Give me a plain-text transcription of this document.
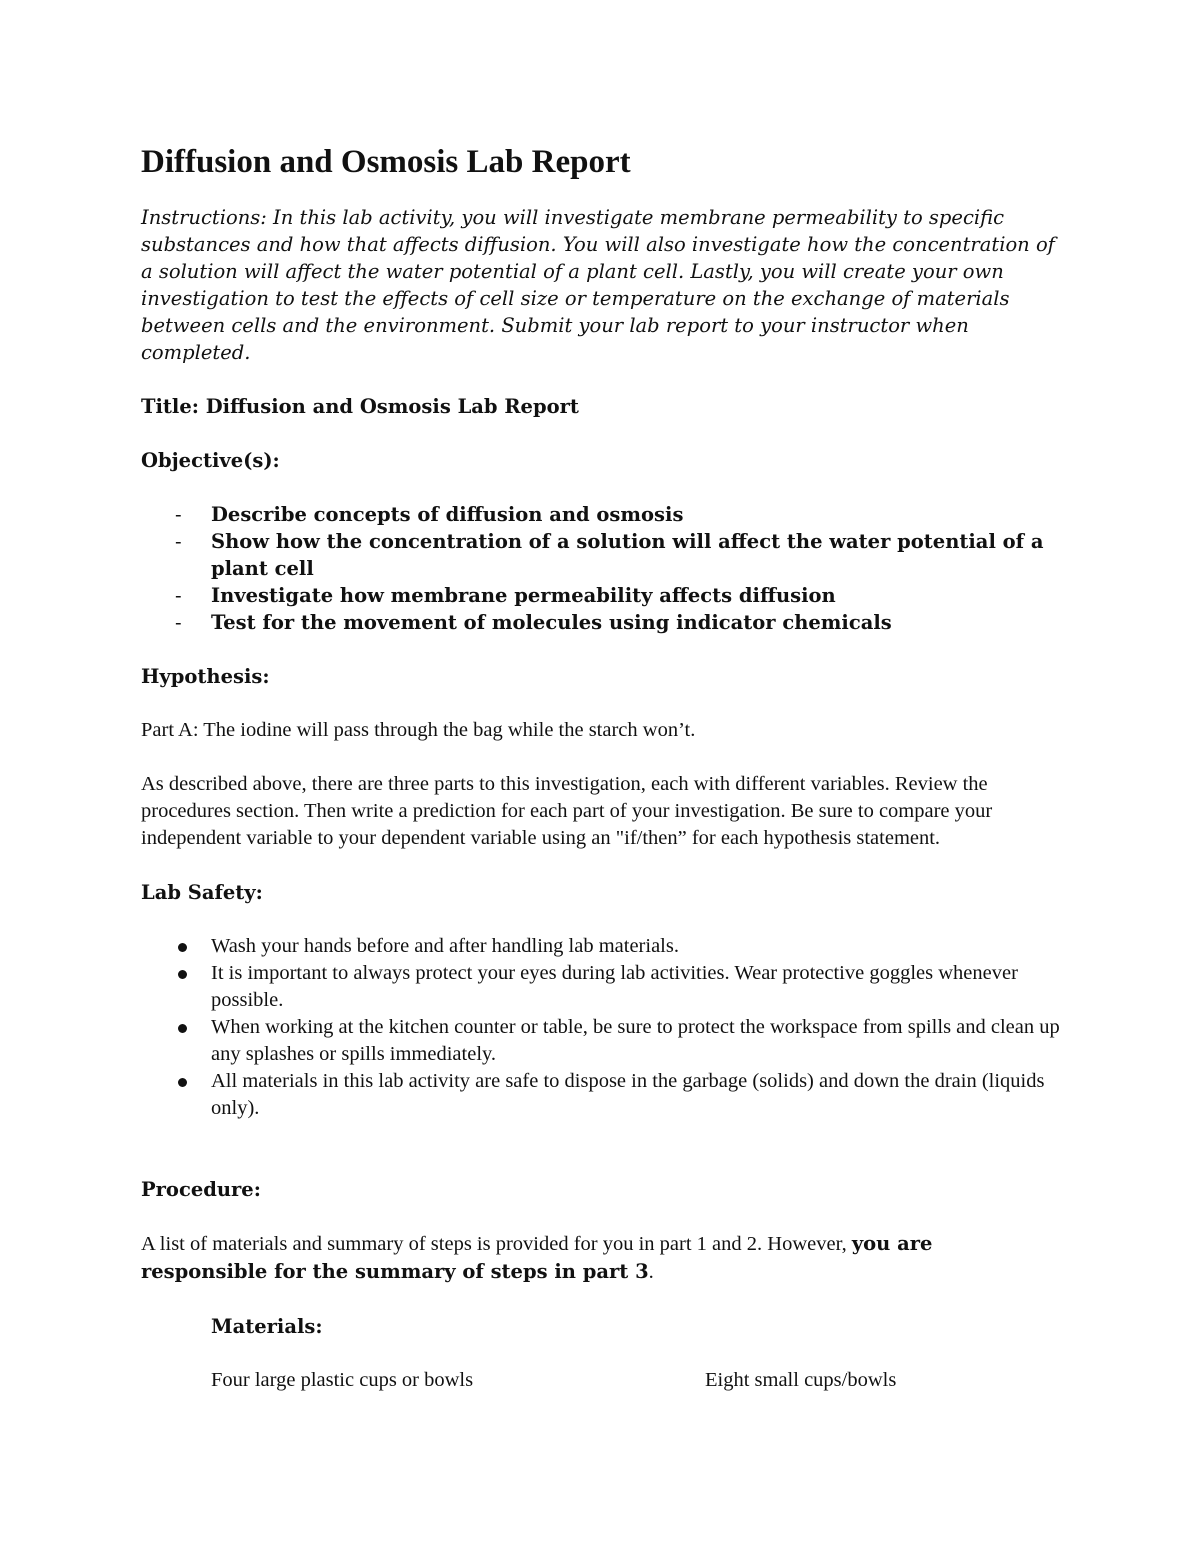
Diffusion and Osmosis Lab Report

Instructions: In this lab activity, you will investigate membrane permeability to specific substances and how that affects diffusion. You will also investigate how the concentration of a solution will affect the water potential of a plant cell. Lastly, you will create your own investigation to test the effects of cell size or temperature on the exchange of materials between cells and the environment. Submit your lab report to your instructor when completed.

Title: Diffusion and Osmosis Lab Report

Objective(s):

- Describe concepts of diffusion and osmosis
- Show how the concentration of a solution will affect the water potential of a plant cell
- Investigate how membrane permeability affects diffusion
- Test for the movement of molecules using indicator chemicals

Hypothesis:

Part A: The iodine will pass through the bag while the starch won’t.

As described above, there are three parts to this investigation, each with different variables. Review the procedures section. Then write a prediction for each part of your investigation. Be sure to compare your independent variable to your dependent variable using an "if/then” for each hypothesis statement.

Lab Safety:

Wash your hands before and after handling lab materials.
It is important to always protect your eyes during lab activities. Wear protective goggles whenever possible.
When working at the kitchen counter or table, be sure to protect the workspace from spills and clean up any splashes or spills immediately.
All materials in this lab activity are safe to dispose in the garbage (solids) and down the drain (liquids only).

Procedure:

A list of materials and summary of steps is provided for you in part 1 and 2. However, you are responsible for the summary of steps in part 3.

Materials:

Four large plastic cups or bowls	Eight small cups/bowls
